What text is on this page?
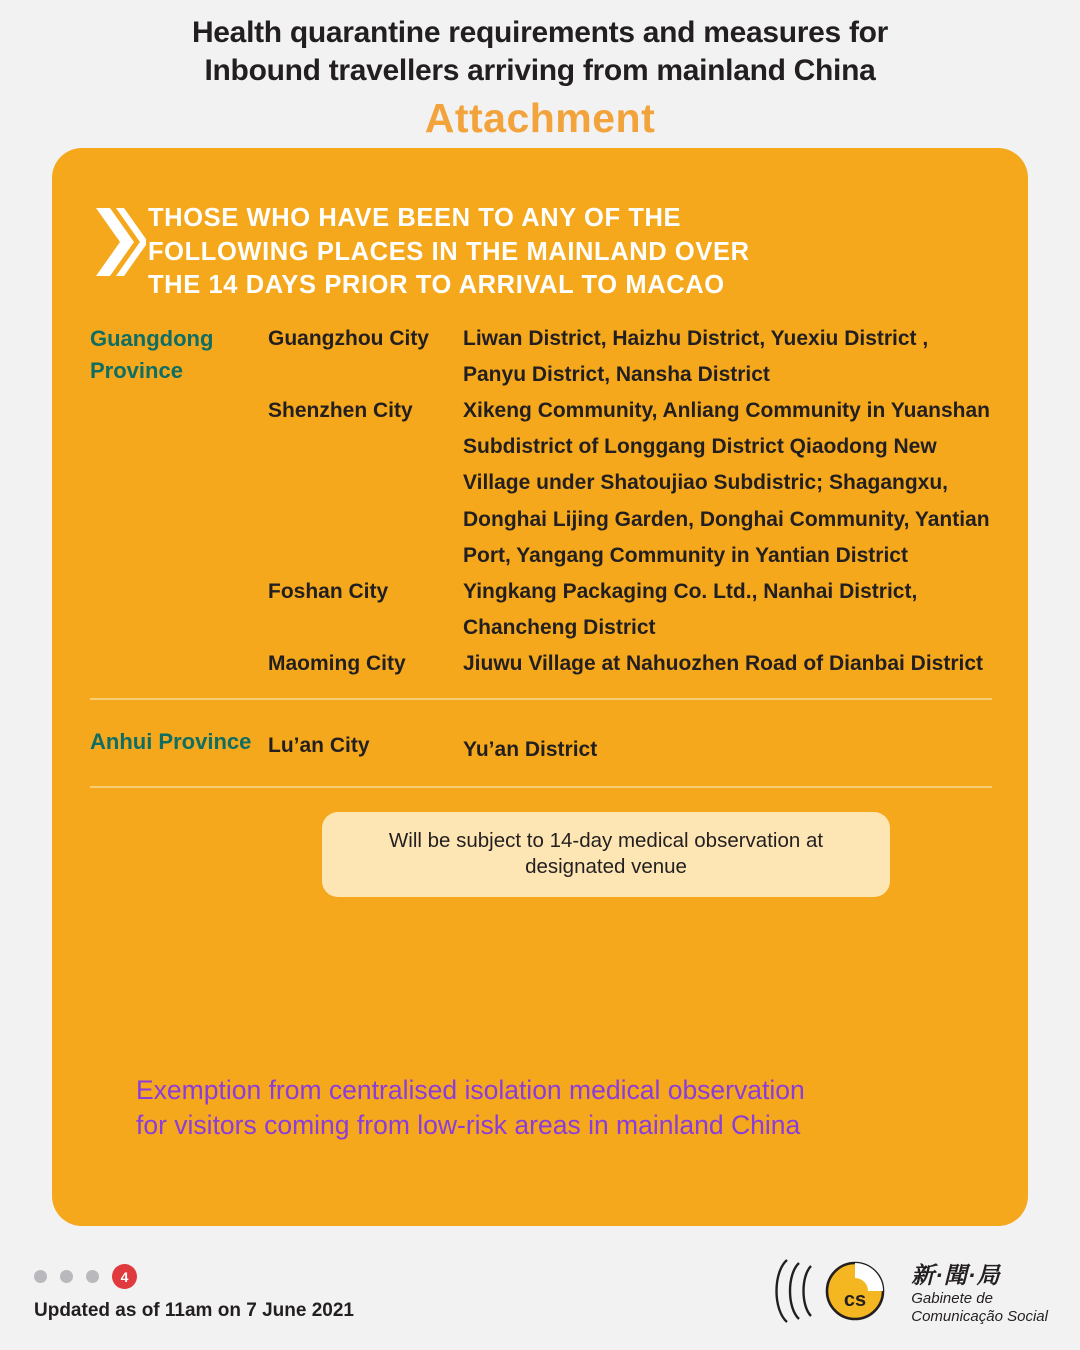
Health quarantine requirements and measures for
Inbound travellers arriving from mainland China
Attachment
THOSE WHO HAVE BEEN TO ANY OF THE
FOLLOWING PLACES IN THE MAINLAND OVER
THE 14 DAYS PRIOR TO ARRIVAL TO MACAO
Guangdong Province
Guangzhou City	Liwan District, Haizhu District, Yuexiu District , Panyu District, Nansha District
Shenzhen City	Xikeng Community, Anliang Community in Yuanshan Subdistrict of Longgang District Qiaodong New Village under Shatoujiao Subdistric; Shagangxu, Donghai Lijing Garden, Donghai Community, Yantian Port, Yangang Community in Yantian District
Foshan City	Yingkang Packaging Co. Ltd., Nanhai District, Chancheng District
Maoming City	Jiuwu Village at Nahuozhen Road of Dianbai District
Anhui Province Lu’an City	Yu’an District
Will be subject to 14-day medical observation at designated venue
Exemption from centralised isolation medical observation
for visitors coming from low-risk areas in mainland China
4
Updated as of 11am on 7 June 2021	cs
新·聞·局
Gabinete de
Comunicação Social
